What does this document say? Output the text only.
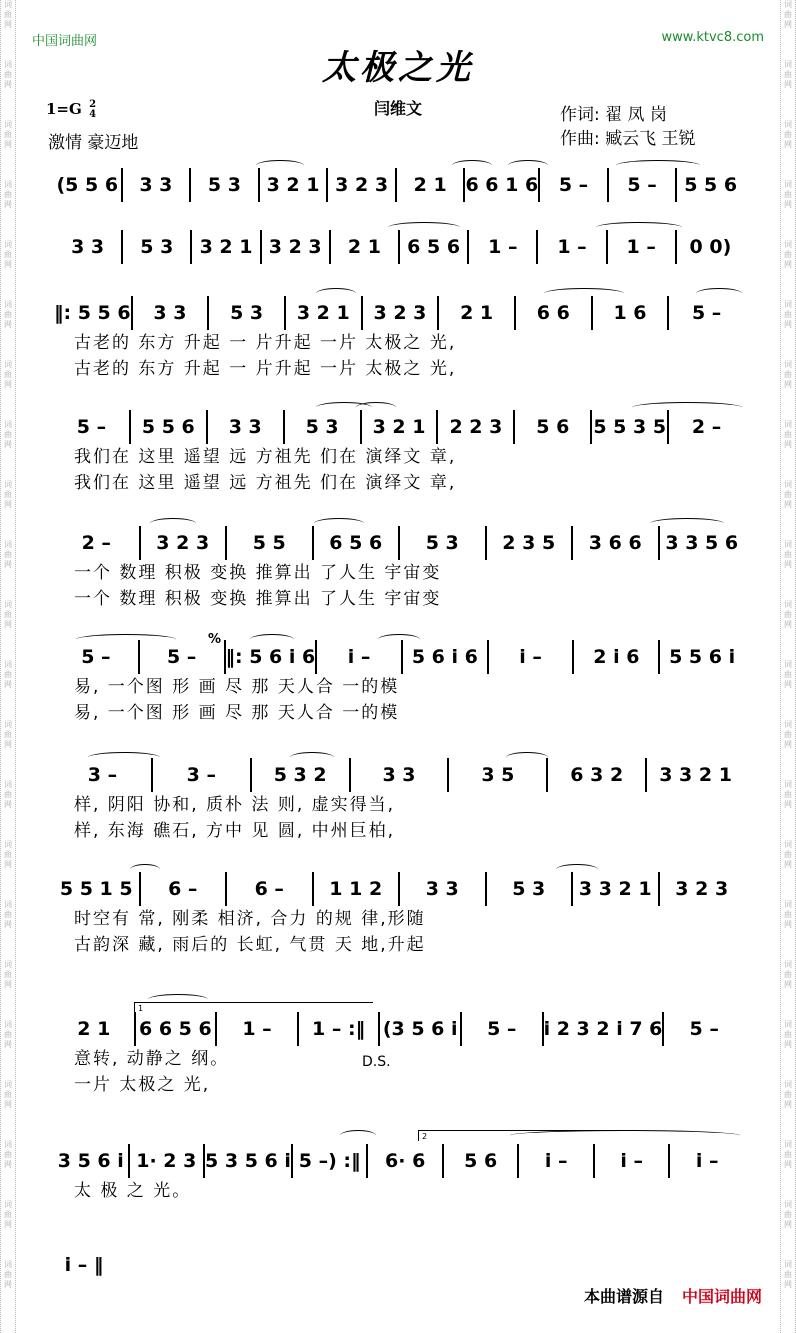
词曲网
词曲网
词曲网
词曲网
词曲网
词曲网
词曲网
词曲网
词曲网
词曲网
词曲网
词曲网
词曲网
词曲网
词曲网
词曲网
词曲网
词曲网
词曲网
词曲网
词曲网
词曲网
词曲网
词曲网
词曲网
词曲网
词曲网
词曲网
词曲网
词曲网
词曲网
词曲网
词曲网
词曲网
词曲网
词曲网
词曲网
词曲网
词曲网
词曲网
词曲网
词曲网
词曲网
词曲网
中国词曲网	www.ktvc8.com
太极之光
闫维文
1=G 2
4
激情 豪迈地
作词: 翟 凤 岗
作曲: 臧云飞 王锐
(5 5 6	3 3	5 3	3 2 1 3 2 3	2 1 6 6 1 6	5 –	5 –	5 5 6
3 3	5 3	3 2 1 3 2 3	2 1	6 5 6	1 –	1 –	1 –	0 0)
‖: 5 5 6	3 3	5 3	3 2 1	3 2 3	2 1	6 6	1 6	5 –
古老的 东方 升起 一 片升起 一片 太极之 光,
古老的 东方 升起 一 片升起 一片 太极之 光,
5 –	5 5 6	3 3	5 3	3 2 1	2 2 3	5 6	5 5 3 5	2 –
我们在 这里 遥望 远 方祖先 们在 演绎文 章,
我们在 这里 遥望 远 方祖先 们在 演绎文 章,
2 –	3 2 3	5 5	6 5 6	5 3	2 3 5	3 6 6	3 3 5 6
一个 数理 积极 变换 推算出 了人生 宇宙变
一个 数理 积极 变换 推算出 了人生 宇宙变
5 –	5 –	‖: 5 6 i 6	i –	5 6 i 6	i –	2 i 6	5 5 6 i
易, 一个图 形 画 尽 那 天人合 一的模
易, 一个图 形 画 尽 那 天人合 一的模
3 –	3 –	5 3 2	3 3	3 5	6 3 2	3 3 2 1
样, 阴阳 协和, 质朴 法 则, 虚实得当,
样, 东海 礁石, 方中 见 圆, 中州巨柏,
5 5 1 5	6 –	6 –	1 1 2	3 3	5 3	3 3 2 1	3 2 3
时空有 常, 刚柔 相济, 合力 的规 律,形随
古韵深 藏, 雨后的 长虹, 气贯 天 地,升起
2 1	6 6 5 6	1 –	1 – :‖ (3 5 6 i	5 –	i 2 3 2 i 7 6	5 –
意转, 动静之 纲。
一片 太极之 光,
3 5 6 i 1· 2 3 5 3 5 6 i 5 –) :‖	6· 6	5 6	i –	i –	i –
太 极 之 光。
i – ‖
%
D.S.
1
2
本曲谱源自 中国词曲网
